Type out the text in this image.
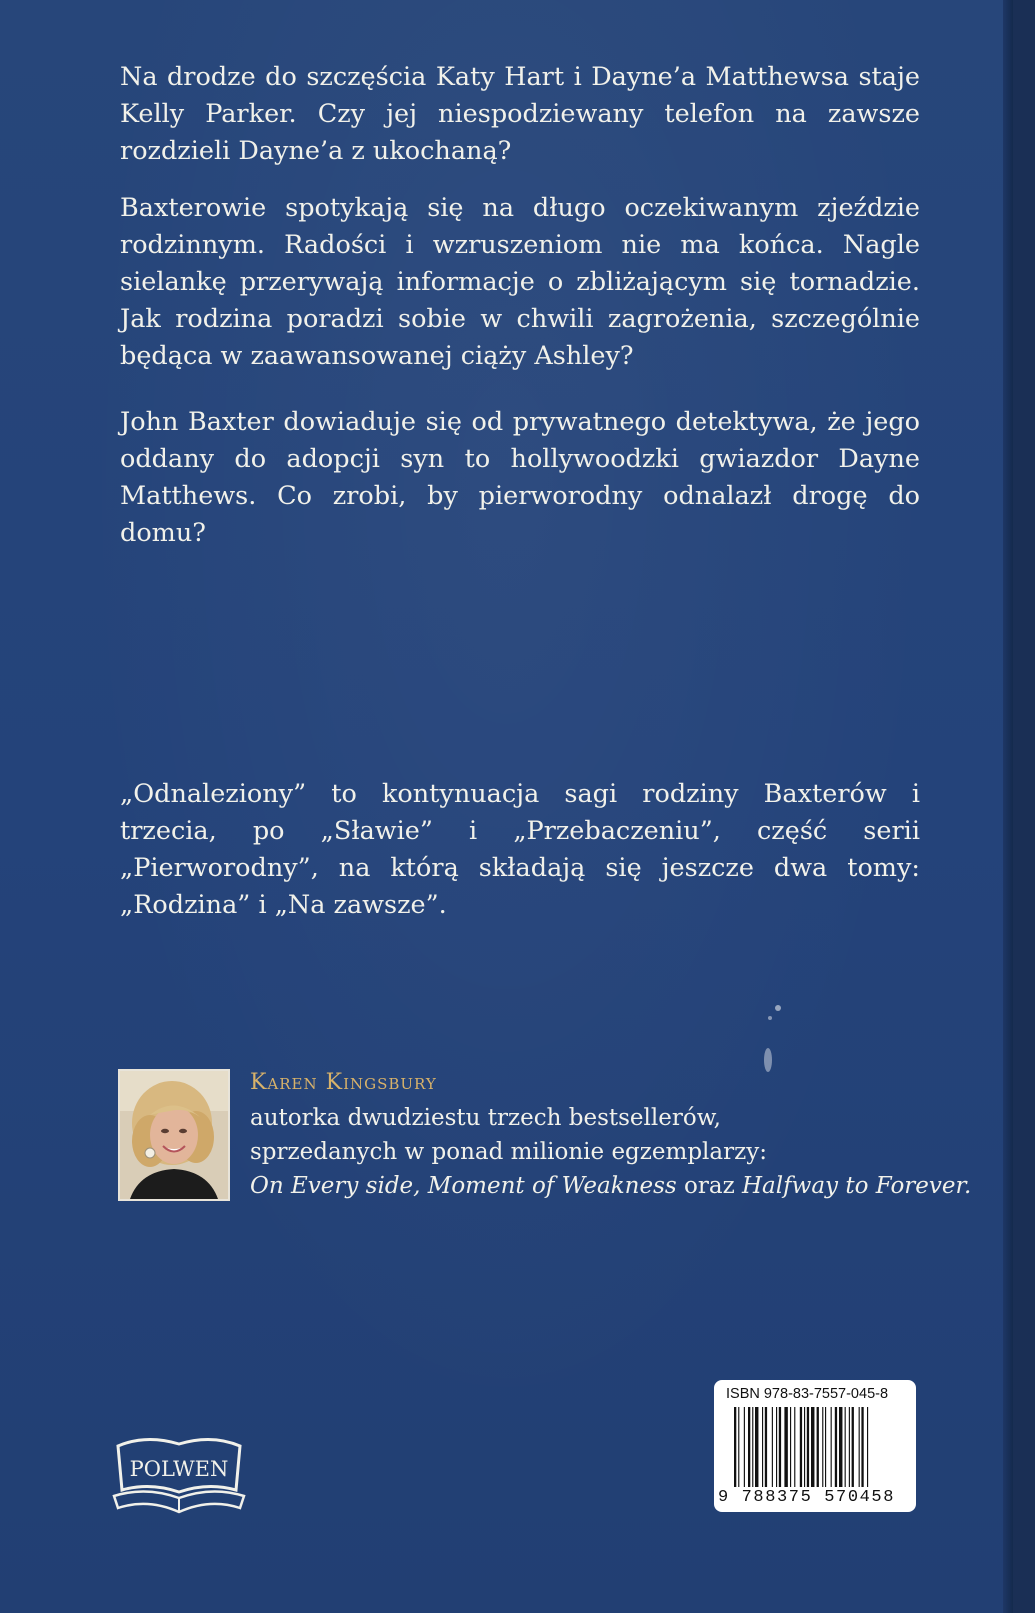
Na drodze do szczęścia Katy Hart i Dayne’a Matthewsa staje Kelly Parker. Czy jej niespodziewany telefon na zawsze rozdzieli Dayne’a z ukochaną?

Baxterowie spotykają się na długo oczekiwanym zjeździe rodzinnym. Radości i wzruszeniom nie ma końca. Nagle sielankę przerywają informacje o zbliżającym się tornadzie. Jak rodzina poradzi sobie w chwili zagrożenia, szczególnie będąca w zaawansowanej ciąży Ashley?

John Baxter dowiaduje się od prywatnego detektywa, że jego oddany do adopcji syn to hollywoodzki gwiazdor Dayne Matthews. Co zrobi, by pierworodny odnalazł drogę do domu?

„Odnaleziony” to kontynuacja sagi rodziny Baxterów i trzecia, po „Sławie” i „Przebaczeniu”, część serii „Pierworodny”, na którą składają się jeszcze dwa tomy: „Rodzina” i „Na zawsze”.

Karen Kingsbury

autorka dwudziestu trzech bestsellerów,

sprzedanych w ponad milionie egzemplarzy:

On Every side, Moment of Weakness oraz Halfway to Forever.

POLWEN

ISBN 978-83-7557-045-8

9 788375 570458
